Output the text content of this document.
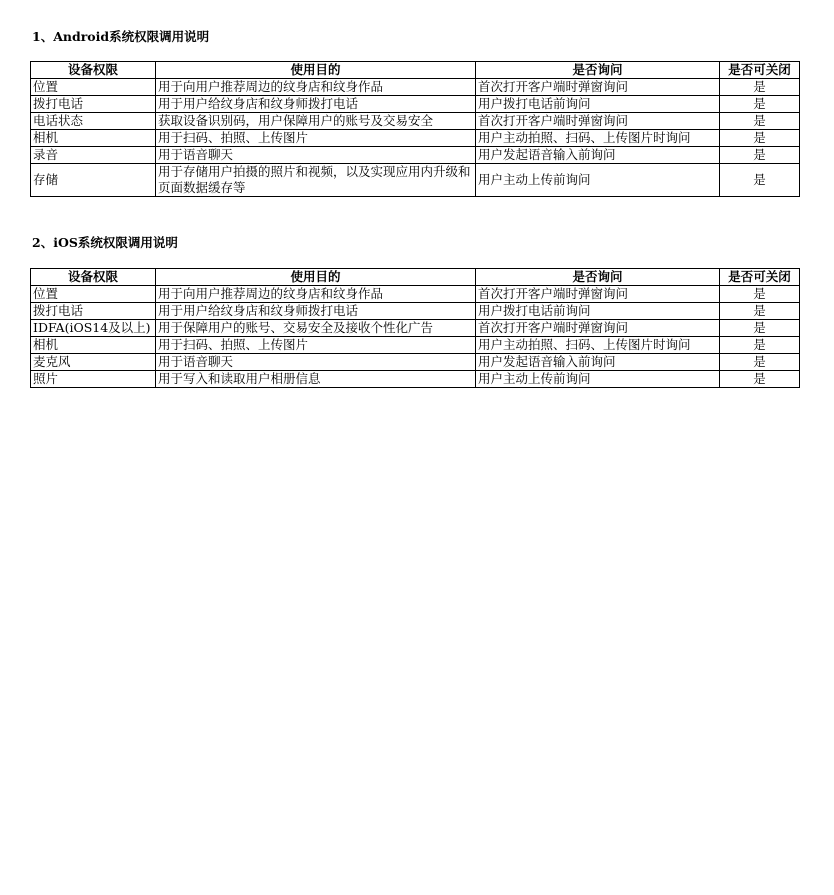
1、Android系统权限调用说明
设备权限	使用目的	是否询问	是否可关闭
位置	用于向用户推荐周边的纹身店和纹身作品	首次打开客户端时弹窗询问	是
拨打电话	用于用户给纹身店和纹身师拨打电话	用户拨打电话前询问	是
电话状态	获取设备识别码，用户保障用户的账号及交易安全	首次打开客户端时弹窗询问	是
相机	用于扫码、拍照、上传图片	用户主动拍照、扫码、上传图片时询问	是
录音	用于语音聊天	用户发起语音输入前询问	是
存储	用于存储用户拍摄的照片和视频，以及实现应用内升级和页面数据缓存等	用户主动上传前询问	是
2、iOS系统权限调用说明
设备权限	使用目的	是否询问	是否可关闭
位置	用于向用户推荐周边的纹身店和纹身作品	首次打开客户端时弹窗询问	是
拨打电话	用于用户给纹身店和纹身师拨打电话	用户拨打电话前询问	是
IDFA(iOS14及以上)	用于保障用户的账号、交易安全及接收个性化广告	首次打开客户端时弹窗询问	是
相机	用于扫码、拍照、上传图片	用户主动拍照、扫码、上传图片时询问	是
麦克风	用于语音聊天	用户发起语音输入前询问	是
照片	用于写入和读取用户相册信息	用户主动上传前询问	是
